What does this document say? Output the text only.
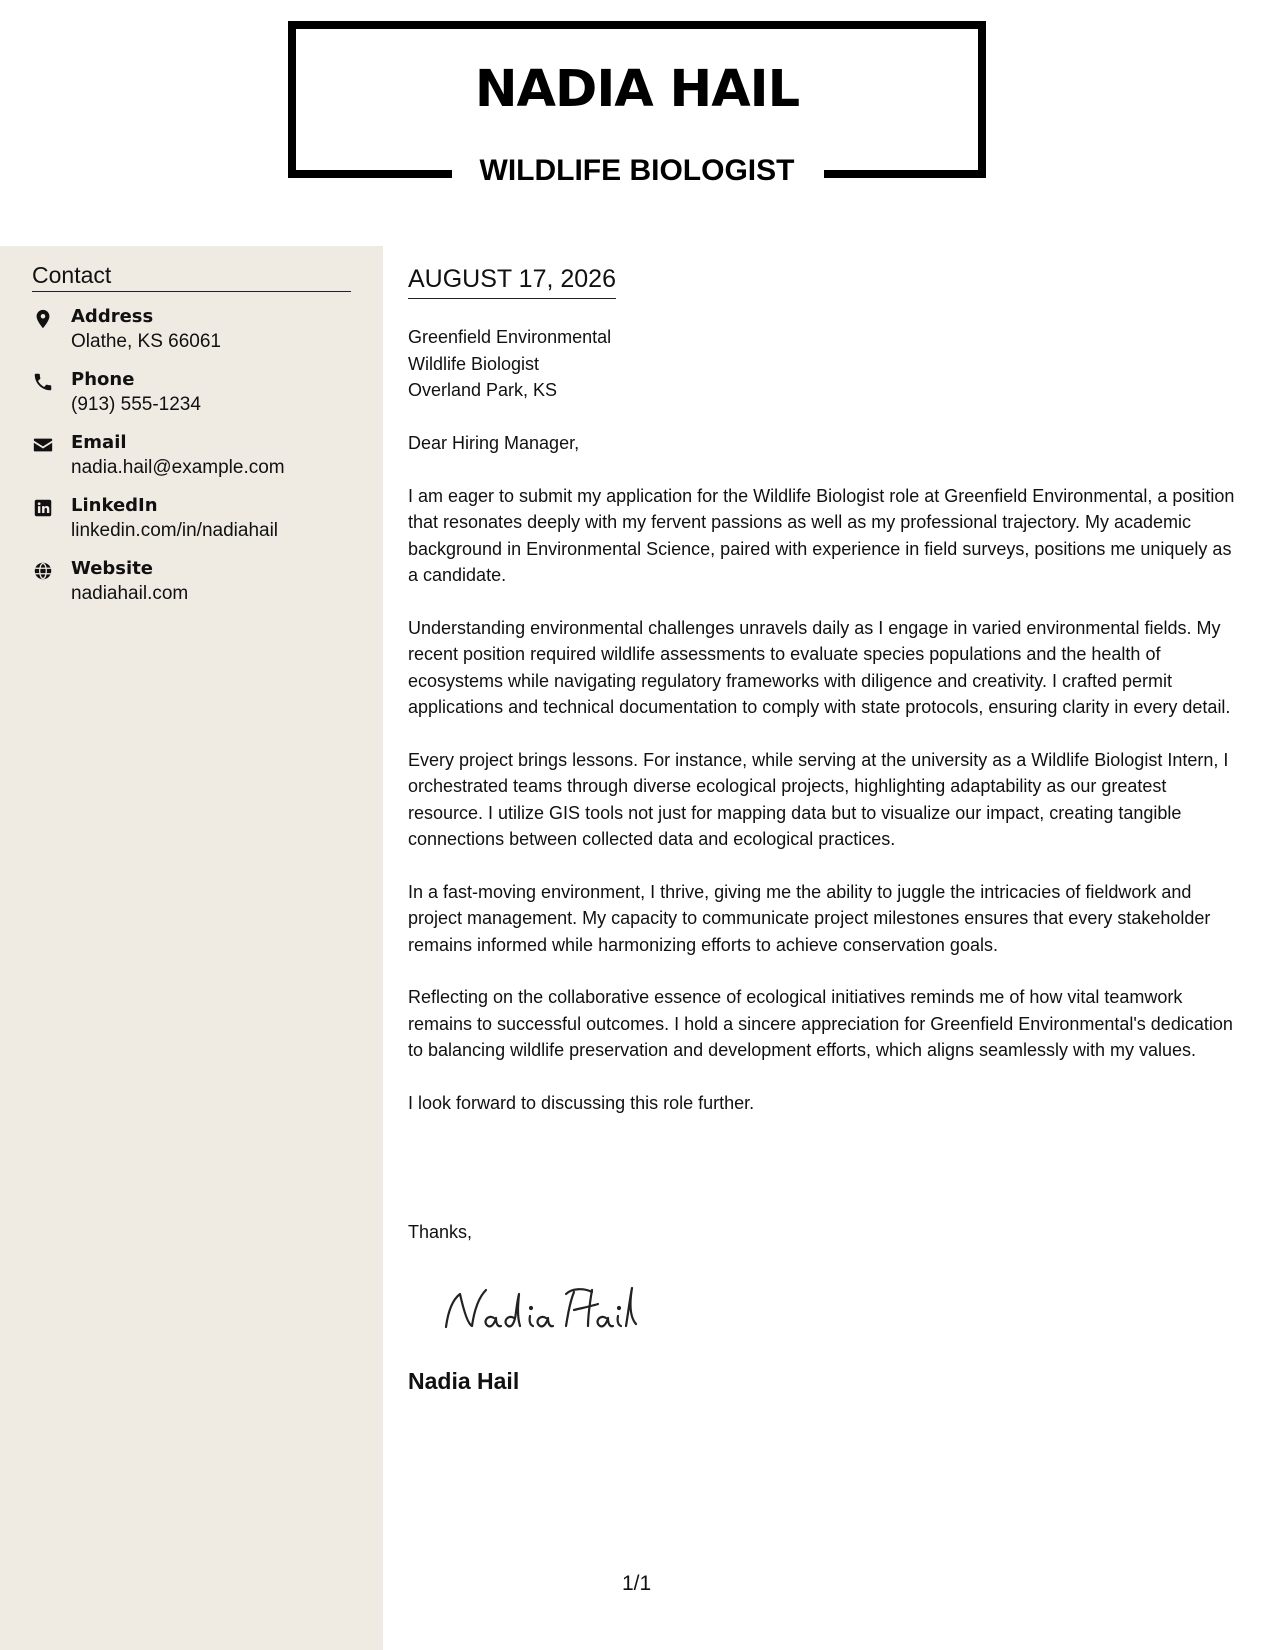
NADIA HAIL
WILDLIFE BIOLOGIST
Contact
Address
Olathe, KS 66061
Phone
(913) 555-1234
Email
nadia.hail@example.com
LinkedIn
linkedin.com/in/nadiahail
Website
nadiahail.com
AUGUST 17, 2026
Greenfield Environmental
Wildlife Biologist
Overland Park, KS

Dear Hiring Manager,

I am eager to submit my application for the Wildlife Biologist role at Greenfield Environmental, a position that resonates deeply with my fervent passions as well as my professional trajectory. My academic background in Environmental Science, paired with experience in field surveys, positions me uniquely as a candidate.

Understanding environmental challenges unravels daily as I engage in varied environmental fields. My recent position required wildlife assessments to evaluate species populations and the health of ecosystems while navigating regulatory frameworks with diligence and creativity. I crafted permit applications and technical documentation to comply with state protocols, ensuring clarity in every detail.

Every project brings lessons. For instance, while serving at the university as a Wildlife Biologist Intern, I orchestrated teams through diverse ecological projects, highlighting adaptability as our greatest resource. I utilize GIS tools not just for mapping data but to visualize our impact, creating tangible connections between collected data and ecological practices.

In a fast-moving environment, I thrive, giving me the ability to juggle the intricacies of fieldwork and project management. My capacity to communicate project milestones ensures that every stakeholder remains informed while harmonizing efforts to achieve conservation goals.

Reflecting on the collaborative essence of ecological initiatives reminds me of how vital teamwork remains to successful outcomes. I hold a sincere appreciation for Greenfield Environmental's dedication to balancing wildlife preservation and development efforts, which aligns seamlessly with my values.

I look forward to discussing this role further.

Thanks,
Nadia Hail
1/1
